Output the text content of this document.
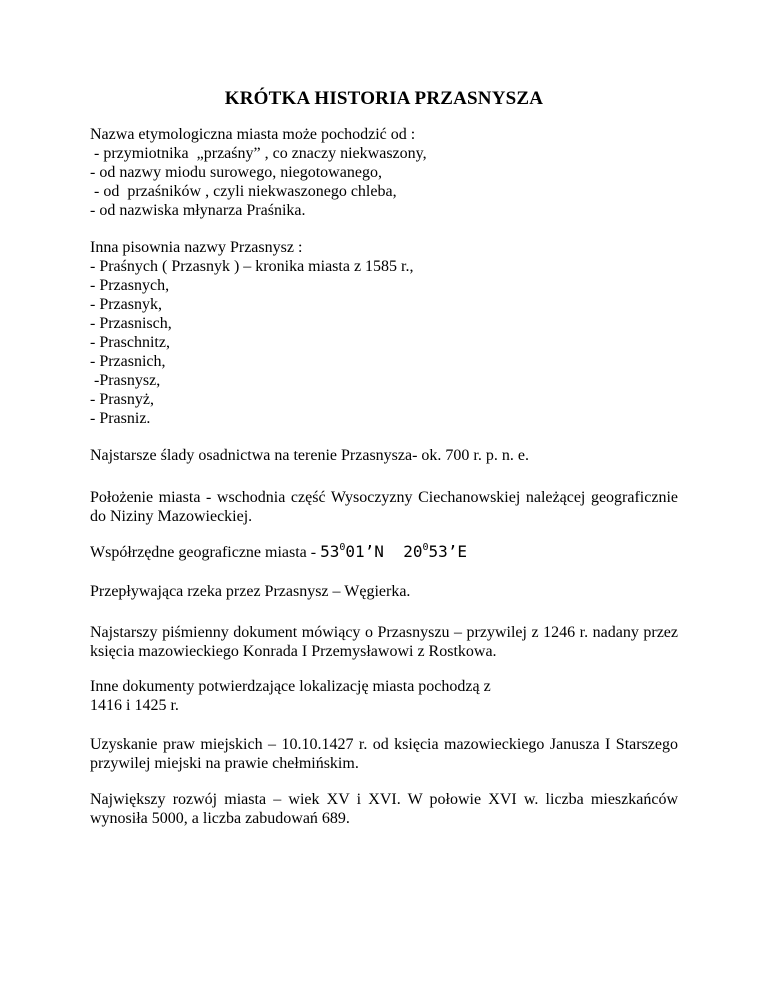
KRÓTKA HISTORIA PRZASNYSZA

Nazwa etymologiczna miasta może pochodzić od :

- przymiotnika  „przaśny” , co znaczy niekwaszony,

- od nazwy miodu surowego, niegotowanego,

- od  przaśników , czyli niekwaszonego chleba,

- od nazwiska młynarza Praśnika.

Inna pisownia nazwy Przasnysz :

- Praśnych ( Przasnyk ) – kronika miasta z 1585 r.,

- Przasnych,

- Przasnyk,

- Przasnisch,

- Praschnitz,

- Przasnich,

-Prasnysz,

- Prasnyż,

- Prasniz.

Najstarsze ślady osadnictwa na terenie Przasnysza- ok. 700 r. p. n. e.

Położenie miasta - wschodnia część Wysoczyzny Ciechanowskiej należącej geograficznie do Niziny Mazowieckiej.

Współrzędne geograficzne miasta - $53^001’N$  $20^053’E$

Przepływająca rzeka przez Przasnysz – Węgierka.

Najstarszy piśmienny dokument mówiący o Przasnyszu – przywilej z 1246 r. nadany przez księcia mazowieckiego Konrada I Przemysławowi z Rostkowa.

Inne dokumenty potwierdzające lokalizację miasta pochodzą z

1416 i 1425 r.

Uzyskanie praw miejskich – 10.10.1427 r. od księcia mazowieckiego Janusza I Starszego przywilej miejski na prawie chełmińskim.

Największy rozwój miasta – wiek XV i XVI. W połowie XVI w. liczba mieszkańców wynosiła 5000, a liczba zabudowań 689.
